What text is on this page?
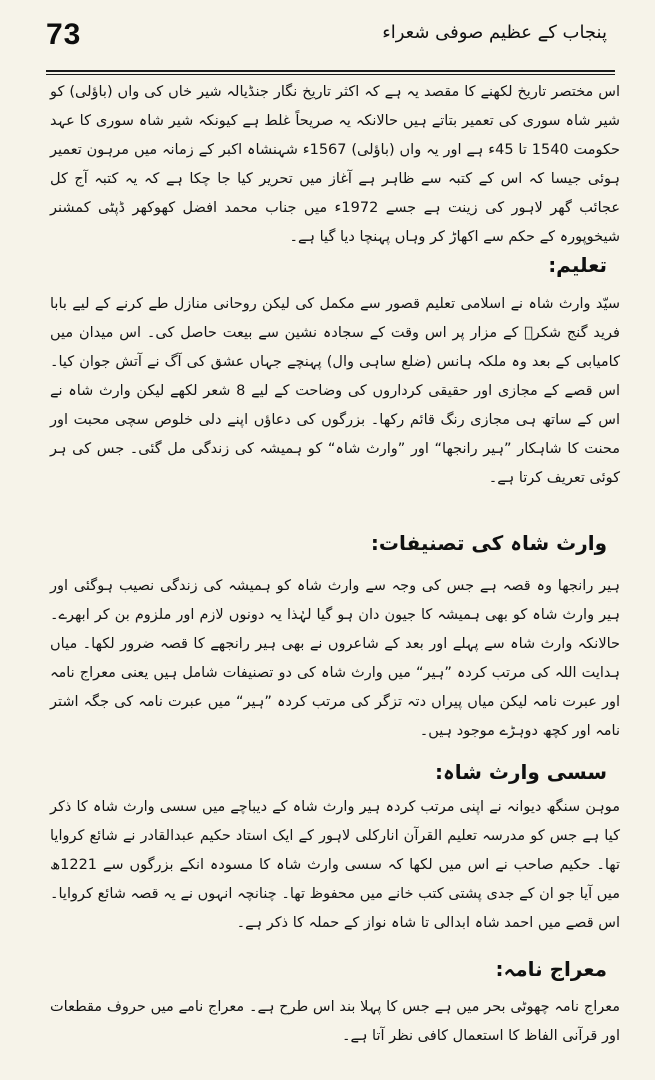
73	پنجاب کے عظیم صوفی شعراء
اس مختصر تاریخ لکھنے کا مقصد یہ ہے کہ اکثر تاریخ نگار جنڈیالہ شیر خاں کی واں (باؤلی) کو شیر شاہ سوری کی تعمیر بتاتے ہیں حالانکہ یہ صریحاً غلط ہے کیونکہ شیر شاہ سوری کا عہد حکومت 1540 تا 45ء ہے اور یہ واں (باؤلی) 1567ء شہنشاہ اکبر کے زمانہ میں مرہون تعمیر ہوئی جیسا کہ اس کے کتبہ سے ظاہر ہے آغاز میں تحریر کیا جا چکا ہے کہ یہ کتبہ آج کل عجائب گھر لاہور کی زینت ہے جسے 1972ء میں جناب محمد افضل کھوکھر ڈپٹی کمشنر شیخوپورہ کے حکم سے اکھاڑ کر وہاں پہنچا دیا گیا ہے۔
تعلیم:
سیّد وارث شاہ نے اسلامی تعلیم قصور سے مکمل کی لیکن روحانی منازل طے کرنے کے لیے بابا فرید گنج شکرؒ کے مزار پر اس وقت کے سجادہ نشین سے بیعت حاصل کی۔ اس میدان میں کامیابی کے بعد وہ ملکہ ہانس (ضلع ساہی وال) پہنچے جہاں عشق کی آگ نے آتش جوان کیا۔ اس قصے کے مجازی اور حقیقی کرداروں کی وضاحت کے لیے 8 شعر لکھے لیکن وارث شاہ نے اس کے ساتھ ہی مجازی رنگ قائم رکھا۔ بزرگوں کی دعاؤں اپنے دلی خلوص سچی محبت اور محنت کا شاہکار ”ہیر رانجھا“ اور ”وارث شاہ“ کو ہمیشہ کی زندگی مل گئی۔ جس کی ہر کوئی تعریف کرتا ہے۔
وارث شاہ کی تصنیفات:
ہیر رانجھا وہ قصہ ہے جس کی وجہ سے وارث شاہ کو ہمیشہ کی زندگی نصیب ہوگئی اور ہیر وارث شاہ کو بھی ہمیشہ کا جیون دان ہو گیا لہٰذا یہ دونوں لازم اور ملزوم بن کر ابھرے۔ حالانکہ وارث شاہ سے پہلے اور بعد کے شاعروں نے بھی ہیر رانجھے کا قصہ ضرور لکھا۔ میاں ہدایت اللہ کی مرتب کردہ ”ہیر“ میں وارث شاہ کی دو تصنیفات شامل ہیں یعنی معراج نامہ اور عبرت نامہ لیکن میاں پیراں دتہ تزگر کی مرتب کردہ ”ہیر“ میں عبرت نامہ کی جگہ اشتر نامہ اور کچھ دوہڑے موجود ہیں۔
سسی وارث شاہ:
موہن سنگھ دیوانہ نے اپنی مرتب کردہ ہیر وارث شاہ کے دیباچے میں سسی وارث شاہ کا ذکر کیا ہے جس کو مدرسہ تعلیم القرآن انارکلی لاہور کے ایک استاد حکیم عبدالقادر نے شائع کروایا تھا۔ حکیم صاحب نے اس میں لکھا کہ سسی وارث شاہ کا مسودہ انکے بزرگوں سے 1221ھ میں آیا جو ان کے جدی پشتی کتب خانے میں محفوظ تھا۔ چنانچہ انہوں نے یہ قصہ شائع کروایا۔ اس قصے میں احمد شاہ ابدالی تا شاہ نواز کے حملہ کا ذکر ہے۔
معراج نامہ:
معراج نامہ چھوٹی بحر میں ہے جس کا پہلا بند اس طرح ہے۔ معراج نامے میں حروف مقطعات اور قرآنی الفاظ کا استعمال کافی نظر آتا ہے۔
